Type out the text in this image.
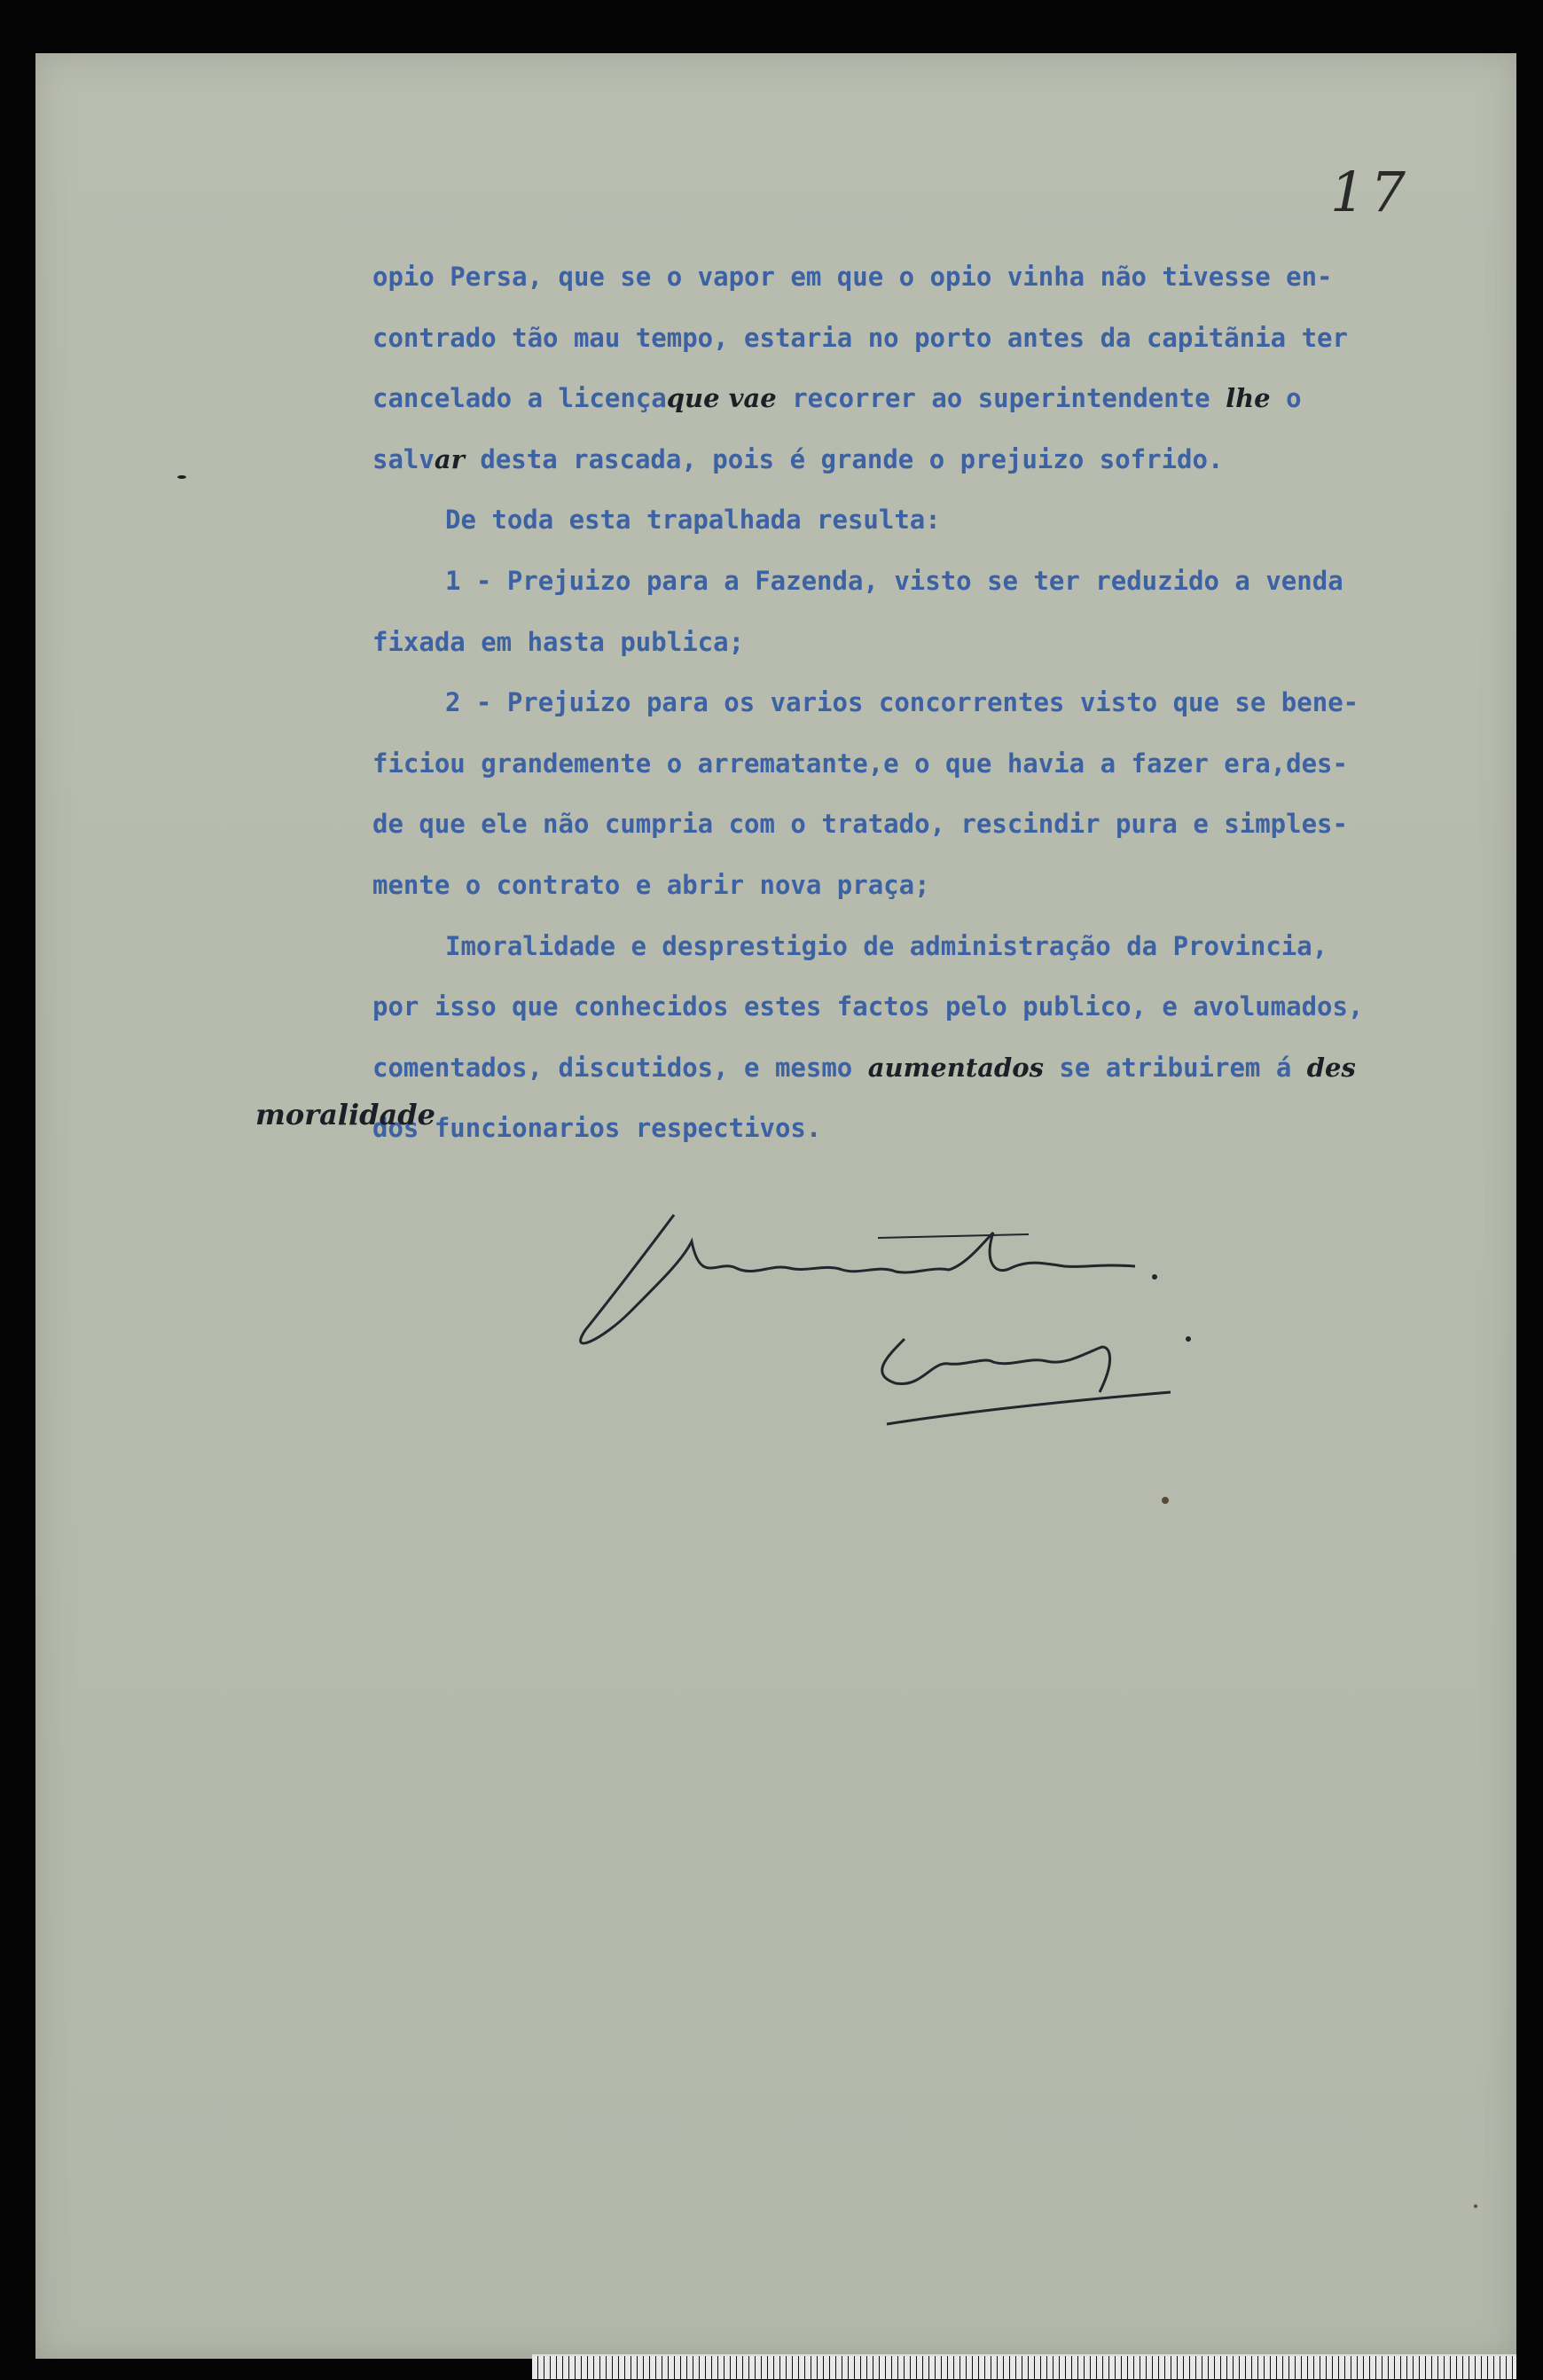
17
opio Persa, que se o vapor em que o opio vinha não tivesse en-
contrado tão mau tempo, estaria no porto antes da capitãnia ter
cancelado a licençaque vae recorrer ao superintendente lhe o
salvar desta rascada, pois é grande o prejuizo sofrido.
De toda esta trapalhada resulta:
1 - Prejuizo para a Fazenda, visto se ter reduzido a venda
fixada em hasta publica;
2 - Prejuizo para os varios concorrentes visto que se bene-
ficiou grandemente o arrematante,e o que havia a fazer era,des-
de que ele não cumpria com o tratado, rescindir pura e simples-
mente o contrato e abrir nova praça;
Imoralidade e desprestigio de administração da Provincia,
por isso que conhecidos estes factos pelo publico, e avolumados,
comentados, discutidos, e mesmo aumentados se atribuirem á des
dos funcionarios respectivos.
moralidade
